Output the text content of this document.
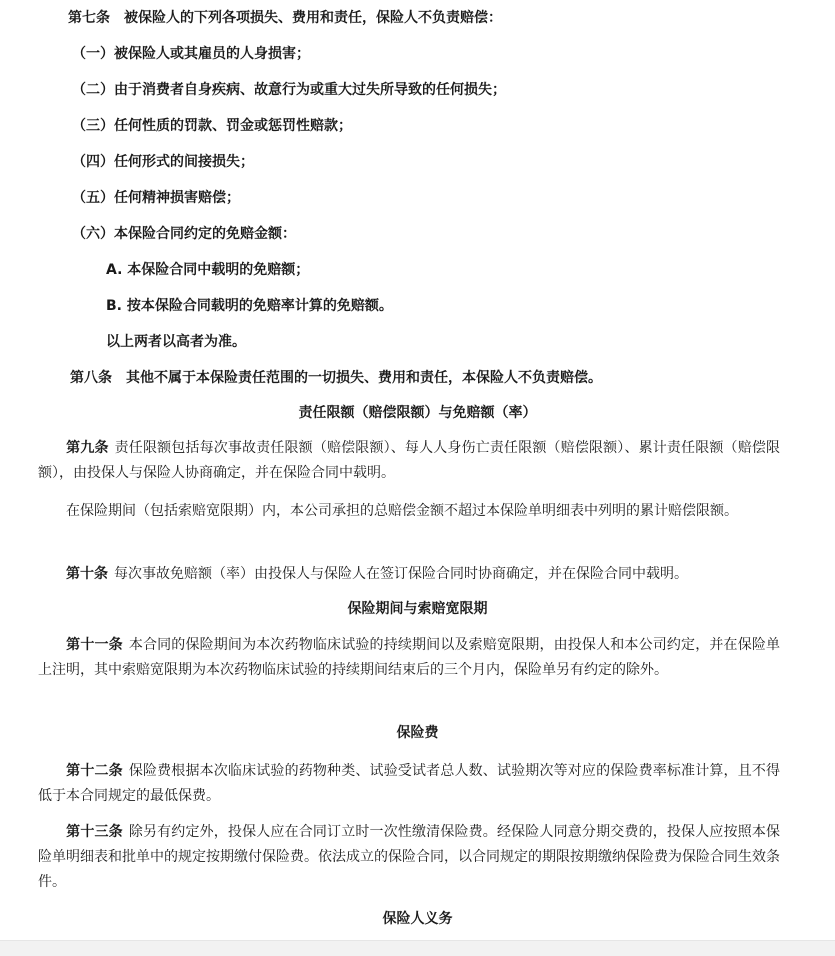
第七条　被保险人的下列各项损失、费用和责任，保险人不负责赔偿：
（一）被保险人或其雇员的人身损害；
（二）由于消费者自身疾病、故意行为或重大过失所导致的任何损失；
（三）任何性质的罚款、罚金或惩罚性赔款；
（四）任何形式的间接损失；
（五）任何精神损害赔偿；
（六）本保险合同约定的免赔金额：
A. 本保险合同中载明的免赔额；
B. 按本保险合同载明的免赔率计算的免赔额。
以上两者以高者为准。
第八条　其他不属于本保险责任范围的一切损失、费用和责任，本保险人不负责赔偿。
责任限额（赔偿限额）与免赔额（率）
第九条 责任限额包括每次事故责任限额（赔偿限额）、每人人身伤亡责任限额（赔偿限额）、累计责任限额（赔偿限额），由投保人与保险人协商确定，并在保险合同中载明。
在保险期间（包括索赔宽限期）内，本公司承担的总赔偿金额不超过本保险单明细表中列明的累计赔偿限额。
第十条 每次事故免赔额（率）由投保人与保险人在签订保险合同时协商确定，并在保险合同中载明。
保险期间与索赔宽限期
第十一条 本合同的保险期间为本次药物临床试验的持续期间以及索赔宽限期，由投保人和本公司约定，并在保险单上注明，其中索赔宽限期为本次药物临床试验的持续期间结束后的三个月内，保险单另有约定的除外。
保险费
第十二条 保险费根据本次临床试验的药物种类、试验受试者总人数、试验期次等对应的保险费率标准计算，且不得低于本合同规定的最低保费。
第十三条 除另有约定外，投保人应在合同订立时一次性缴清保险费。经保险人同意分期交费的，投保人应按照本保险单明细表和批单中的规定按期缴付保险费。依法成立的保险合同，以合同规定的期限按期缴纳保险费为保险合同生效条件。
保险人义务
